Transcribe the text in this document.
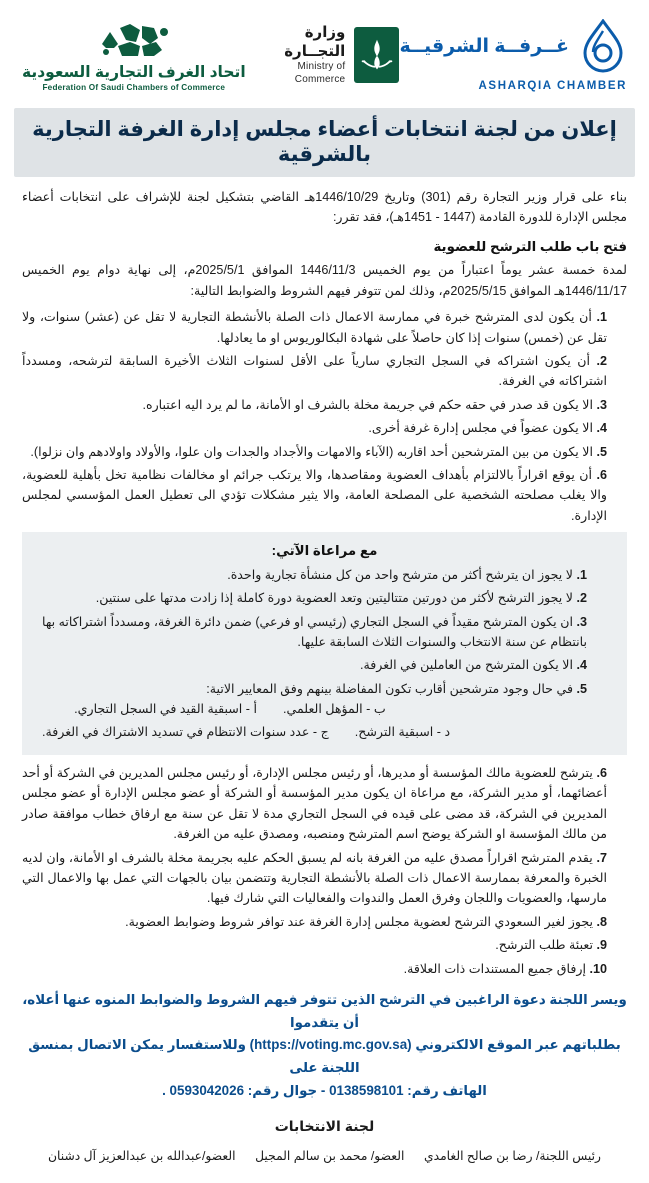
اتحاد الغرف التجارية السعودية
Federation Of Saudi Chambers of Commerce
وزارة التجــارة
Ministry of Commerce
غــرفــة الشرقيــة
ASHARQIA CHAMBER
إعلان من لجنة انتخابات أعضاء مجلس إدارة الغرفة التجارية بالشرقية

بناء على قرار وزير التجارة رقم (301) وتاريخ 1446/10/29هـ القاضي بتشكيل لجنة للإشراف على انتخابات أعضاء مجلس الإدارة للدورة القادمة (1447 - 1451هـ)، فقد تقرر:

فتح باب طلب الترشح للعضوية

لمدة خمسة عشر يوماً اعتباراً من يوم الخميس 1446/11/3 الموافق 2025/5/1م، إلى نهاية دوام يوم الخميس 1446/11/17هـ الموافق 2025/5/15م، وذلك لمن تتوفر فيهم الشروط والضوابط التالية:

1. أن يكون لدى المترشح خبرة في ممارسة الاعمال ذات الصلة بالأنشطة التجارية لا تقل عن (عشر) سنوات، ولا تقل عن (خمس) سنوات إذا كان حاصلاً على شهادة البكالوريوس او ما يعادلها.
2. أن يكون اشتراكه في السجل التجاري سارياً على الأقل لسنوات الثلاث الأخيرة السابقة لترشحه، ومسدداً اشتراكاته في الغرفة.
3. الا يكون قد صدر في حقه حكم في جريمة مخلة بالشرف او الأمانة، ما لم يرد اليه اعتباره.
4. الا يكون عضواً في مجلس إدارة غرفة أخرى.
5. الا يكون من بين المترشحين أحد اقاربه (الآباء والامهات والأجداد والجدات وان علوا، والأولاد واولادهم وان نزلوا).
6. أن يوقع اقراراً بالالتزام بأهداف العضوية ومقاصدها، والا يرتكب جرائم او مخالفات نظامية تخل بأهلية للعضوية، والا يغلب مصلحته الشخصية على المصلحة العامة، والا يثير مشكلات تؤدي الى تعطيل العمل المؤسسي لمجلس الإدارة.
مع مراعاة الآتي:
1. لا يجوز ان يترشح أكثر من مترشح واحد من كل منشأة تجارية واحدة.
2. لا يجوز الترشح لأكثر من دورتين متتاليتين وتعد العضوية دورة كاملة إذا زادت مدتها على سنتين.
3. ان يكون المترشح مقيداً في السجل التجاري (رئيسي او فرعي) ضمن دائرة الغرفة، ومسدداً اشتراكاته بها بانتظام عن سنة الانتخاب والسنوات الثلاث السابقة عليها.
4. الا يكون المترشح من العاملين في الغرفة.
5. في حال وجود مترشحين أقارب تكون المفاضلة بينهم وفق المعايير الاتية:
أ - اسبقية القيد في السجل التجاري. ب - المؤهل العلمي.
ج - عدد سنوات الانتظام في تسديد الاشتراك في الغرفة. د - اسبقية الترشح.
6. يترشح للعضوية مالك المؤسسة أو مديرها، أو رئيس مجلس الإدارة، أو رئيس مجلس المديرين في الشركة أو أحد أعضائهما، أو مدير الشركة، مع مراعاة ان يكون مدير المؤسسة أو الشركة أو عضو مجلس الإدارة أو عضو مجلس المديرين في الشركة، قد مضى على قيده في السجل التجاري مدة لا تقل عن سنة مع ارفاق خطاب موافقة صادر من مالك المؤسسة او الشركة يوضح اسم المترشح ومنصبه، ومصدق عليه من الغرفة.
7. يقدم المترشح اقراراً مصدق عليه من الغرفة بانه لم يسبق الحكم عليه بجريمة مخلة بالشرف او الأمانة، وان لديه الخبرة والمعرفة بممارسة الاعمال ذات الصلة بالأنشطة التجارية وتتضمن بيان بالجهات التي عمل بها والاعمال التي مارسها، والعضويات واللجان وفرق العمل والندوات والفعاليات التي شارك فيها.
8. يجوز لغير السعودي الترشح لعضوية مجلس إدارة الغرفة عند توافر شروط وضوابط العضوية.
9. تعبئة طلب الترشح.
10. إرفاق جميع المستندات ذات العلاقة.
ويسر اللجنة دعوة الراغبين في الترشح الذين تتوفر فيهم الشروط والضوابط المنوه عنها أعلاه، أن يتقدموا
بطلباتهم عبر الموقع الالكتروني (https://voting.mc.gov.sa) وللاستفسار يمكن الاتصال بمنسق اللجنة على
الهاتف رقم: 0138598101 - جوال رقم: 0593042026 .
لجنة الانتخابات
العضو/عبدالله بن عبدالعزيز آل دشنان العضو/ محمد بن سالم المجيل رئيس اللجنة/ رضا بن صالح الغامدي
